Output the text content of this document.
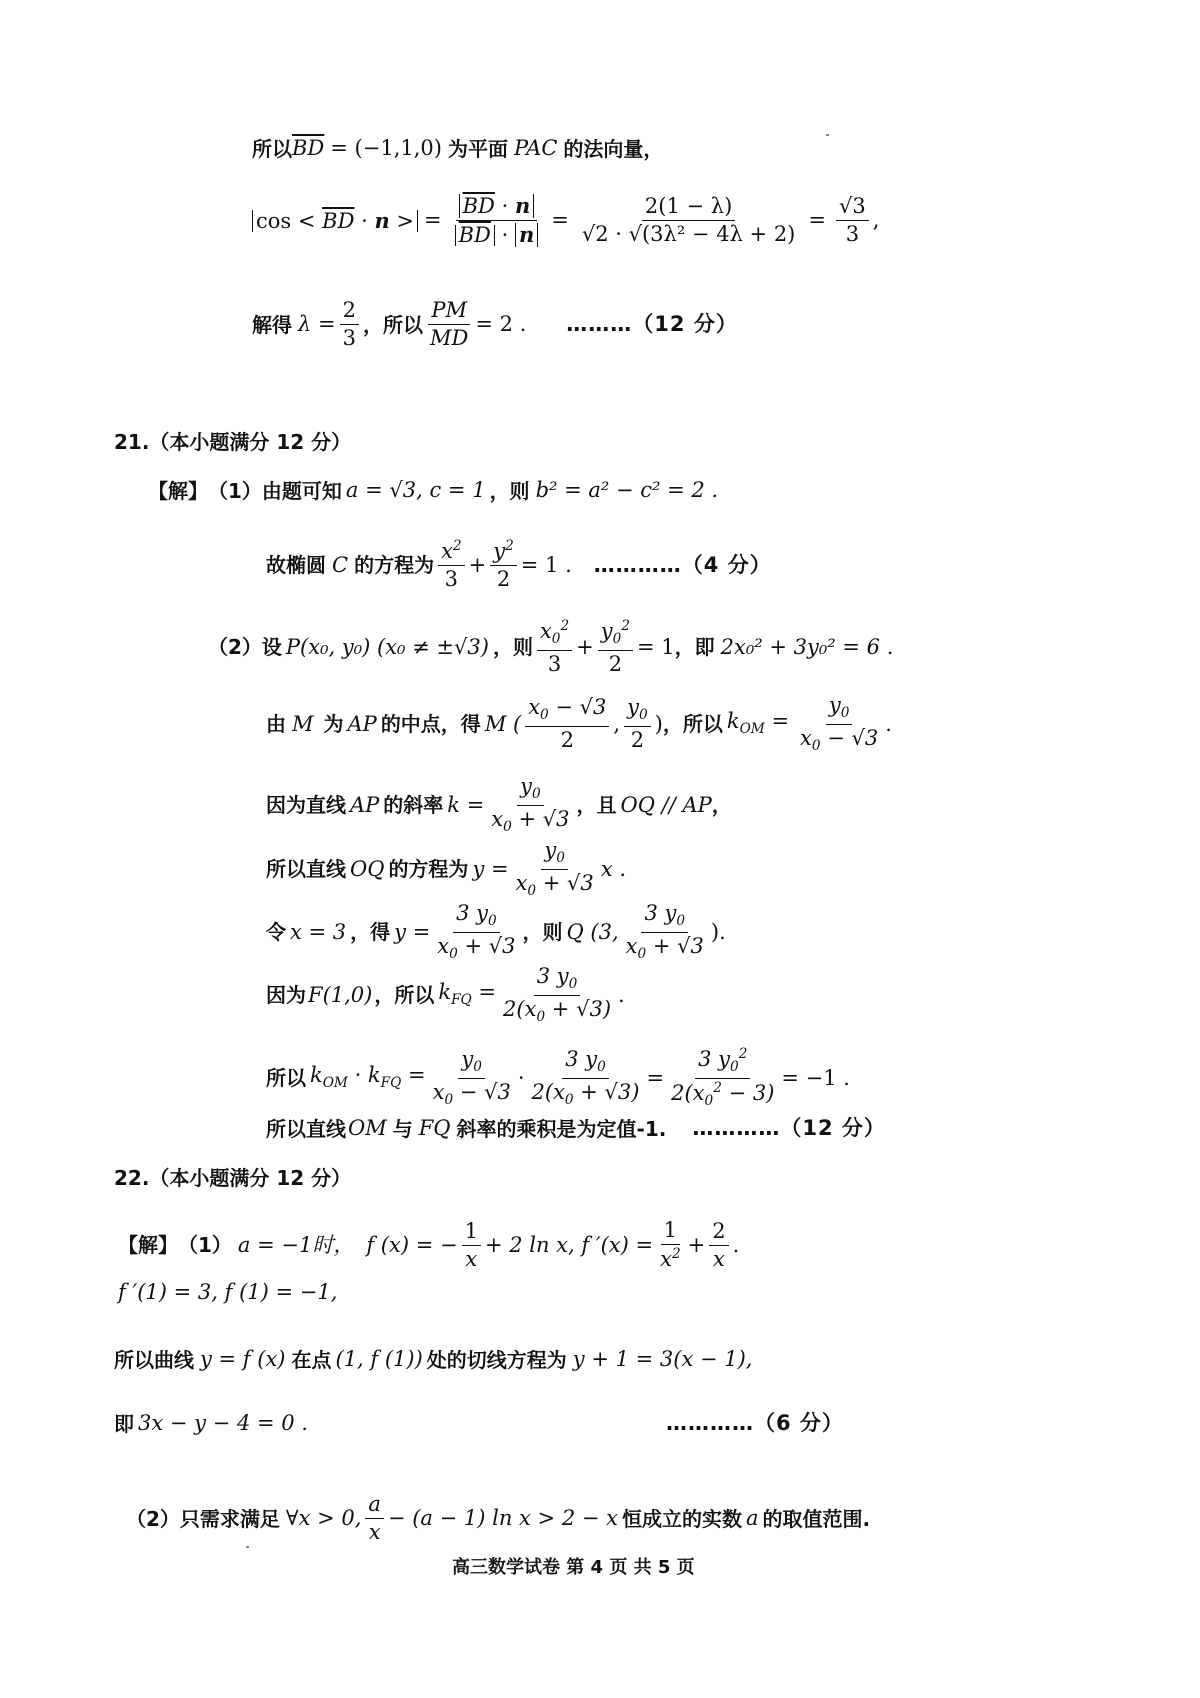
所以 $\overline{BD} = (-1,1,0)$ 为平面 PAC 的法向量，
$\cos < \overline{BD} \cdot n$ > = $\frac{\overline{BD} \cdot n}{\overline{BD} \cdot n} = \frac{2(1 - \lambda)}{\text{√2 · √(3λ² − 4λ + 2)}} = \frac{√3}{3}$ ,
解得 $\lambda = \frac{2}{3}$ ，所以 $\frac{PM}{MD} = 2$ . ………（12 分）
21.（本小题满分 12 分）
【解】 （1）由题可知 a = √3, c = 1 ，则 b² = a² − c² = 2 .
故椭圆 C 的方程为 $\frac{x^2}{3} + \frac{y^2}{2} = 1$ . …………（4 分）
（2）设 P(x₀, y₀) (x₀ ≠ ±√3) ，则 $\frac{x_0^2}{3} + \frac{y_0^2}{2} = 1$ ，即 2x₀² + 3y₀² = 6 .
由 M 为 AP 的中点，得 M ( $\frac{x_0 - √3}{2}$ , $\frac{y_0}{2}$ ) ，所以 $k_{OM} = \frac{y_0}{x_0 - √3}$ .
因为直线 AP 的斜率 $k = \frac{y_0}{x_0 + √3}$ ，且 OQ // AP ，
所以直线 OQ 的方程为 $y = \frac{y_0}{x_0 + √3}$ x .
令 x = 3 ，得 $y = \frac{3 y_0}{x_0 + √3}$ ，则 Q (3, $\frac{3 y_0}{x_0 + √3}$ ).
因为 F(1,0) ，所以 $k_{FQ} = \frac{3 y_0}{2(x_0 + √3)}$ .
所以 $k_{OM} \cdot k_{FQ} = \frac{y_0}{x_0 - √3} \cdot \frac{3 y_0}{2(x_0 + √3)} = \frac{3 y_0^2}{2(x_0^2 - 3)} = -1$ .
所以直线 OM 与 FQ 斜率的乘积是为定值-1. …………（12 分）
22.（本小题满分 12 分）
【解】 （1） a = −1时， f (x) = − $\frac{1}{x} + 2$ ln x, f $'(x) = \frac{1}{x^2} + \frac{2}{x}$ .
f ′(1) = 3, f (1) = −1,
所以曲线 y = f (x) 在点 (1, f (1)) 处的切线方程为 y + 1 = 3(x − 1),
即 3x − y − 4 = 0 .	…………（6 分）
（2）只需求满足 ∀x > 0, $\frac{a}{x} - (a - 1)$ ln x > 2 − x 恒成立的实数 a 的取值范围.
高三数学试卷 第 4 页 共 5 页
